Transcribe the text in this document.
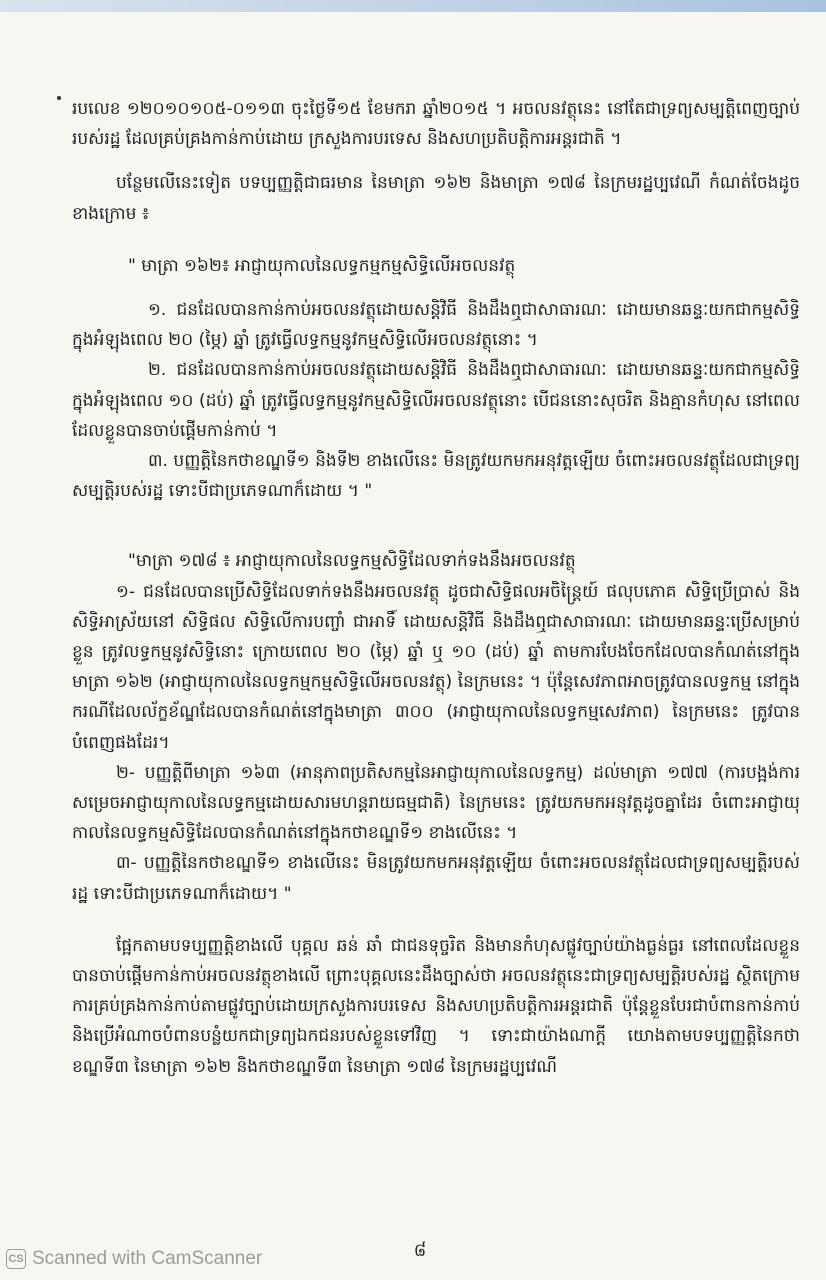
របលេខ ១២០១០១០៥-០១១៣ ចុះថ្ងៃទី១៥ ខែមករា ឆ្នាំ២០១៥ ។ អចលនវត្ថុនេះ នៅតែជាទ្រព្យសម្បត្តិពេញច្បាប់របស់រដ្ឋ ដែលគ្រប់គ្រងកាន់កាប់ដោយ ក្រសួងការបរទេស និងសហប្រតិបត្តិការអន្តរជាតិ ។

បន្ថែមលើនេះទៀត បទប្បញ្ញត្តិជាធរមាន នៃមាត្រា ១៦២ និងមាត្រា ១៧៨ នៃក្រមរដ្ឋប្បវេណី កំណត់ចែងដូចខាងក្រោម ៖

" មាត្រា ១៦២៖ អាជ្ញាយុកាលនៃលទ្ធកម្មកម្មសិទ្ធិលើអចលនវត្ថុ

១. ជនដែលបានកាន់កាប់អចលនវត្ថុដោយសន្តិវិធី និងដឹងឮជាសាធារណៈ ដោយមានឆន្ទៈយកជាកម្មសិទ្ធិ ក្នុងអំឡុងពេល ២០ (ម្ភៃ) ឆ្នាំ ត្រូវធ្វើលទ្ធកម្មនូវកម្មសិទ្ធិលើអចលនវត្ថុនោះ ។

២. ជនដែលបានកាន់កាប់អចលនវត្ថុដោយសន្តិវិធី និងដឹងឮជាសាធារណៈ ដោយមានឆន្ទៈយកជាកម្មសិទ្ធិ ក្នុងអំឡុងពេល ១០ (ដប់) ឆ្នាំ ត្រូវធ្វើលទ្ធកម្មនូវកម្មសិទ្ធិលើអចលនវត្ថុនោះ បើជននោះសុចរិត និងគ្មានកំហុស នៅពេលដែលខ្លួនបានចាប់ផ្ដើមកាន់កាប់ ។

៣. បញ្ញត្តិនៃកថាខណ្ឌទី១ និងទី២ ខាងលើនេះ មិនត្រូវយកមកអនុវត្តឡើយ ចំពោះអចលនវត្ថុដែលជាទ្រព្យសម្បត្តិរបស់រដ្ឋ ទោះបីជាប្រភេទណាក៏ដោយ ។ "

"មាត្រា ១៧៨ ៖ អាជ្ញាយុកាលនៃលទ្ធកម្មសិទ្ធិដែលទាក់ទងនឹងអចលនវត្ថុ

១- ជនដែលបានប្រើសិទ្ធិដែលទាក់ទងនឹងអចលនវត្ថុ ដូចជាសិទ្ធិផលអចិន្ត្រៃយ៍ ផលុបភោគ សិទ្ធិប្រើប្រាស់ និងសិទ្ធិអាស្រ័យនៅ សិទ្ធិផល សិទ្ធិលើការបញ្ចាំ ជាអាទិ៍ ដោយសន្តិវិធី និងដឹងឮជាសាធារណៈ ដោយមានឆន្ទៈប្រើសម្រាប់ខ្លួន ត្រូវលទ្ធកម្មនូវសិទ្ធិនោះ ក្រោយពេល ២០ (ម្ភៃ) ឆ្នាំ ឬ ១០ (ដប់) ឆ្នាំ តាមការបែងចែកដែលបានកំណត់នៅក្នុងមាត្រា ១៦២ (អាជ្ញាយុកាលនៃលទ្ធកម្មកម្មសិទ្ធិលើអចលនវត្ថុ) នៃក្រមនេះ ។ ប៉ុន្តែសេវភាពអាចត្រូវបានលទ្ធកម្ម នៅក្នុងករណីដែលល័ក្ខខ័ណ្ឌដែលបានកំណត់នៅក្នុងមាត្រា ៣០០ (អាជ្ញាយុកាលនៃលទ្ធកម្មសេវភាព) នៃក្រមនេះ ត្រូវបានបំពេញផងដែរ។

២- បញ្ញត្តិពីមាត្រា ១៦៣ (អានុភាពប្រតិសកម្មនៃអាជ្ញាយុកាលនៃលទ្ធកម្ម) ដល់មាត្រា ១៧៧ (ការបង្អង់ការសម្រេចអាជ្ញាយុកាលនៃលទ្ធកម្មដោយសារមហន្តរាយធម្មជាតិ) នៃក្រមនេះ ត្រូវយកមកអនុវត្តដូចគ្នាដែរ ចំពោះអាជ្ញាយុកាលនៃលទ្ធកម្មសិទ្ធិដែលបានកំណត់នៅក្នុងកថាខណ្ឌទី១ ខាងលើនេះ ។

៣- បញ្ញត្តិនៃកថាខណ្ឌទី១ ខាងលើនេះ មិនត្រូវយកមកអនុវត្តឡើយ ចំពោះអចលនវត្ថុដែលជាទ្រព្យសម្បត្តិរបស់រដ្ឋ ទោះបីជាប្រភេទណាក៏ដោយ។ "

ផ្អែកតាមបទប្បញ្ញត្តិខាងលើ បុគ្គល ឆន់ ឆាំ ជាជនទុច្ចរិត និងមានកំហុសផ្លូវច្បាប់យ៉ាងធ្ងន់ធ្ងរ នៅពេលដែលខ្លួនបានចាប់ផ្តើមកាន់កាប់អចលនវត្ថុខាងលើ ព្រោះបុគ្គលនេះដឹងច្បាស់ថា អចលនវត្ថុនេះជាទ្រព្យសម្បត្តិរបស់រដ្ឋ ស្ថិតក្រោមការគ្រប់គ្រងកាន់កាប់តាមផ្លូវច្បាប់ដោយក្រសួងការបរទេស និងសហប្រតិបត្តិការអន្តរជាតិ ប៉ុន្តែខ្លួនបែរជាបំពានកាន់កាប់ និងប្រើអំណាចបំពានបន្លំយកជាទ្រព្យឯកជនរបស់ខ្លួនទៅវិញ ។ ទោះជាយ៉ាងណាក្តី យោងតាមបទប្បញ្ញត្តិនៃកថាខណ្ឌទី៣ នៃមាត្រា ១៦២ និងកថាខណ្ឌទី៣ នៃមាត្រា ១៧៨ នៃក្រមរដ្ឋប្បវេណី

៨
CS Scanned with CamScanner
